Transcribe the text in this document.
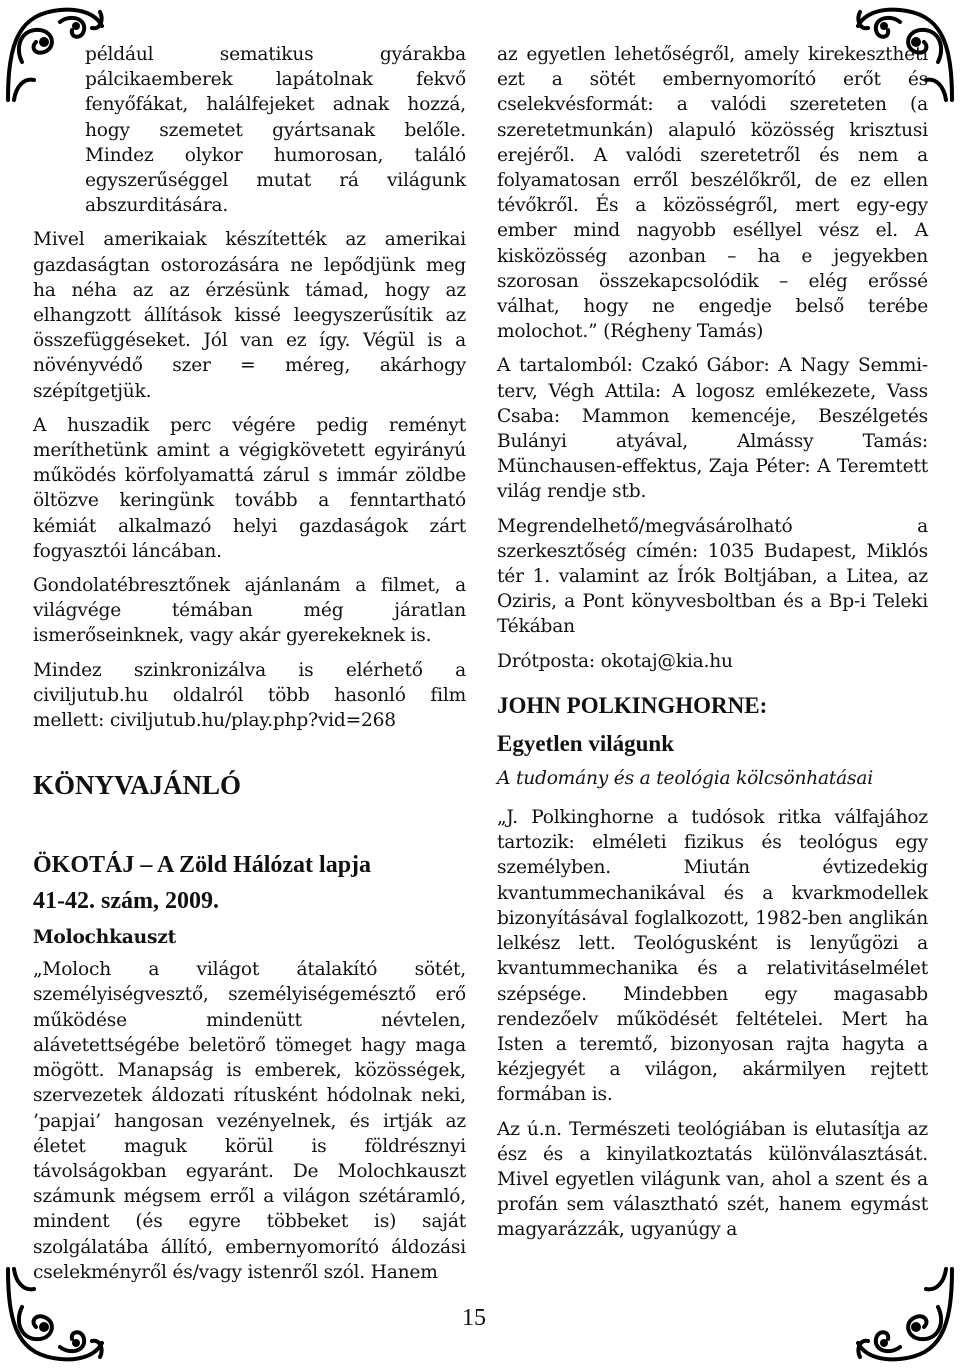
például sematikus gyárakba pálcikaemberek lapátolnak fekvő fenyőfákat, halálfejeket adnak hozzá, hogy szemetet gyártsanak belőle. Mindez olykor humorosan, találó egyszerűséggel mutat rá világunk abszurditására.

Mivel amerikaiak készítették az amerikai gazdaságtan ostorozására ne lepődjünk meg ha néha az az érzésünk támad, hogy az elhangzott állítások kissé leegyszerűsítik az összefüggéseket. Jól van ez így. Végül is a növényvédő szer = méreg, akárhogy szépítgetjük.

A huszadik perc végére pedig reményt meríthetünk amint a végigkövetett egyirányú működés körfolyamattá zárul s immár zöldbe öltözve keringünk tovább a fenntartható kémiát alkalmazó helyi gazdaságok zárt fogyasztói láncában.

Gondolatébresztőnek ajánlanám a filmet, a világvége témában még járatlan ismerőseinknek, vagy akár gyerekeknek is.

Mindez szinkronizálva is elérhető a civiljutub.hu oldalról több hasonló film mellett: civiljutub.hu/play.php?vid=268

KÖNYVAJÁNLÓ
ÖKOTÁJ – A Zöld Hálózat lapja
41-42. szám, 2009.
Molochkauszt

„Moloch a világot átalakító sötét, személyiségvesztő, személyiségemésztő erő működése mindenütt névtelen, alávetettségébe beletörő tömeget hagy maga mögött. Manapság is emberek, közösségek, szervezetek áldozati rítusként hódolnak neki, ’papjai’ hangosan vezényelnek, és irtják az életet maguk körül is földrésznyi távolságokban egyaránt. De Molochkauszt számunk mégsem erről a világon szétáramló, mindent (és egyre többeket is) saját szolgálatába állító, embernyomorító áldozási cselekményről és/vagy istenről szól. Hanem

az egyetlen lehetőségről, amely kirekesztheti ezt a sötét embernyomorító erőt és cselekvésformát: a valódi szereteten (a szeretetmunkán) alapuló közösség krisztusi erejéről. A valódi szeretetről és nem a folyamatosan erről beszélőkről, de ez ellen tévőkről. És a közösségről, mert egy-egy ember mind nagyobb eséllyel vész el. A kisközösség azonban – ha e jegyekben szorosan összekapcsolódik – elég erőssé válhat, hogy ne engedje belső terébe molochot.” (Régheny Tamás)

A tartalomból: Czakó Gábor: A Nagy Semmi-terv, Végh Attila: A logosz emlékezete, Vass Csaba: Mammon kemencéje, Beszélgetés Bulányi atyával, Almássy Tamás: Münchausen-effektus, Zaja Péter: A Teremtett világ rendje stb.

Megrendelhető/megvásárolható a szerkesztőség címén: 1035 Budapest, Miklós tér 1. valamint az Írók Boltjában, a Litea, az Oziris, a Pont könyvesboltban és a Bp-i Teleki Tékában

Drótposta: okotaj@kia.hu

JOHN POLKINGHORNE:
Egyetlen világunk
A tudomány és a teológia kölcsönhatásai

„J. Polkinghorne a tudósok ritka válfajához tartozik: elméleti fizikus és teológus egy személyben. Miután évtizedekig kvantummechanikával és a kvarkmodellek bizonyításával foglalkozott, 1982-ben anglikán lelkész lett. Teológusként is lenyűgözi a kvantummechanika és a relativitáselmélet szépsége. Mindebben egy magasabb rendezőelv működését feltételei. Mert ha Isten a teremtő, bizonyosan rajta hagyta a kézjegyét a világon, akármilyen rejtett formában is.

Az ú.n. Természeti teológiában is elutasítja az ész és a kinyilatkoztatás különválasztását. Mivel egyetlen világunk van, ahol a szent és a profán sem választható szét, hanem egymást magyarázzák, ugyanúgy a

15
